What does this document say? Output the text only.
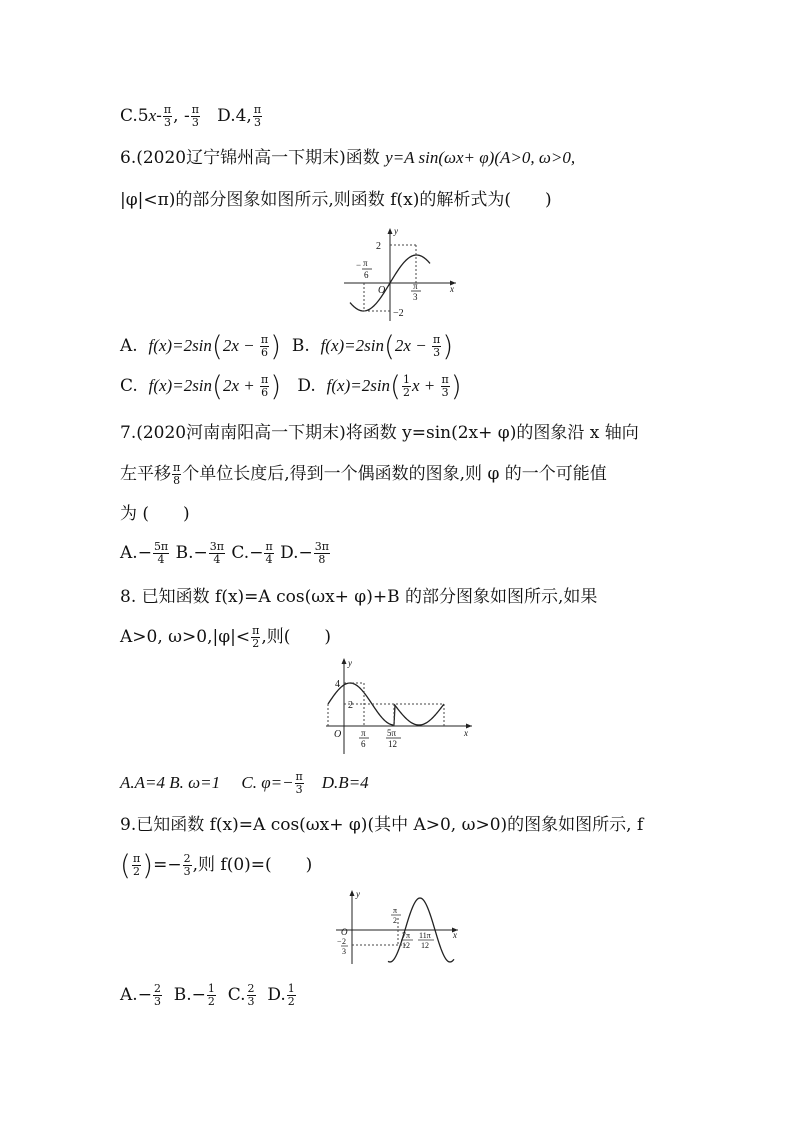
$C.5x- \frac{\pi}{3}$ , - $\frac{\pi}{3} D.4$, $\frac{\pi}{3}$
6.(2020辽宁锦州高一下期末)函数 y=A sin(ωx+ φ)(A>0, ω>0,
|φ|<π)的部分图象如图所示,则函数 f(x)的解析式为(　　)
2
−2
O	x
y
− π
6
π
3
A. $f(x)=2\sin(2x - \frac{\pi}{6}$ ) B. $f(x)=2\sin(2x - \frac{\pi}{3}$ )
C. $f(x)=2\sin(2x + \frac{\pi}{6}$ ) D. $f(x)=2\sin( \frac{1}{2}$ $x + \frac{\pi}{3}$ )
7.(2020河南南阳高一下期末)将函数 y=sin(2x+ φ)的图象沿 x 轴向
左平移 $\frac{\pi}{8}$ 个单位长度后,得到一个偶函数的图象,则 φ 的一个可能值
为 (　　)
$A.- \frac{5\pi}{4} B.- \frac{3\pi}{4} C.- \frac{\pi}{4} D.- \frac{3\pi}{8}$
8. 已知函数 f(x)=A cos(ωx+ φ)+B 的部分图象如图所示,如果
A>0, $\omega>0,|\varphi|< \frac{\pi}{2}$ ,则(　　)
4
2
O	x
y
π
6
5π
12
A.A=4 B. ω=1　 C. $\varphi=- \frac{\pi}{3}$ 　D.B=4
9.已知函数 f(x)=A cos(ωx+ φ)(其中 A>0, ω>0)的图象如图所示, f
( $\frac{\pi}{2}$ )=− $\frac{2}{3}$ ,则 f(0)=(　　)
O	x
y
− 2
3
π
2
7π
12
11π
12
$A.- \frac{2}{3} B.- \frac{1}{2} C$. $\frac{2}{3} D$. $\frac{1}{2}$
